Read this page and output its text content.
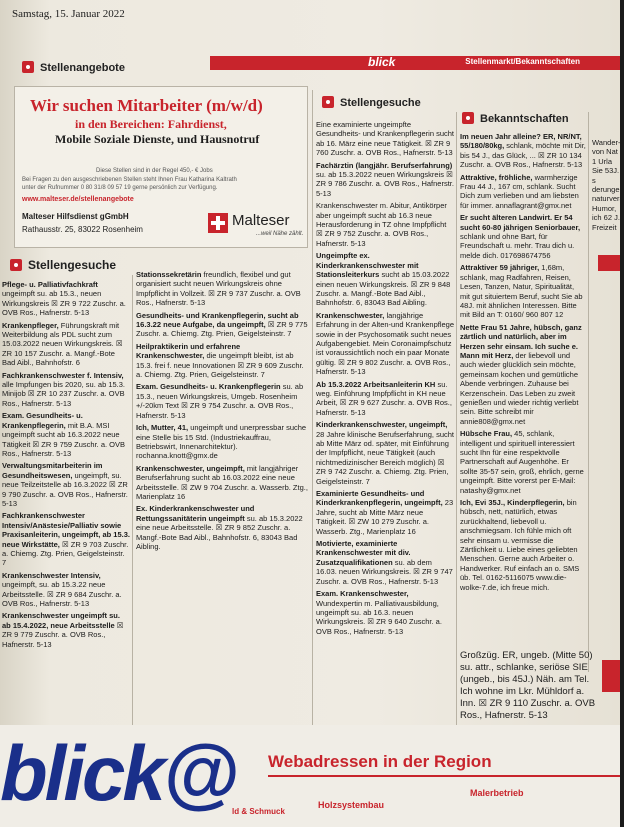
Samstag, 15. Januar 2022
Stellenmarkt/Bekanntschaften
blick
Stellenangebote
Stellengesuche
Bekanntschaften
Stellengesuche
Wir suchen Mitarbeiter (m/w/d)
in den Bereichen: Fahrdienst,
Mobile Soziale Dienste, und Hausnotruf
Diese Stellen sind in der Regel 450,- € Jobs
Bei Fragen zu den ausgeschriebenen Stellen steht Ihnen Frau Katharina Kaltrath
unter der Rufnummer 0 80 31/8 09 57 19 gerne persönlich zur Verfügung.
www.malteser.de/stellenangebote
Malteser Hilfsdienst gGmbH
Rathausstr. 25, 83022 Rosenheim
Malteser
...weil Nähe zählt.

Pflege- u. Palliativfachkraft ungeimpft su. ab 15.3., neuen Wirkungskreis ☒ ZR 9 722 Zuschr. a. OVB Ros., Hafnerstr. 5-13

Krankenpfleger, Führungskraft mit Weiterbildung als PDL sucht zum 15.03.2022 neuen Wirkungskreis. ☒ ZR 10 157 Zuschr. a. Mangf.-Bote Bad Aibl., Bahnhofstr. 6

Fachkrankenschwester f. Intensiv, alle Impfungen bis 2020, su. ab 15.3. Minijob ☒ ZR 10 237 Zuschr. a. OVB Ros., Hafnerstr. 5-13

Exam. Gesundheits- u. Krankenpflegerin, mit B.A. MSI ungeimpft sucht ab 16.3.2022 neue Tätigkeit ☒ ZR 9 759 Zuschr. a. OVB Ros., Hafnerstr. 5-13

Verwaltungsmitarbeiterin im Gesundheitswesen, ungeimpft, su. neue Teilzeitstelle ab 16.3.2022 ☒ ZR 9 790 Zuschr. a. OVB Ros., Hafnerstr. 5-13

Fachkrankenschwester Intensiv/Anästesie/Palliativ sowie Praxisanleiterin, ungeimpft, ab 15.3. neue Wirkstätte, ☒ ZR 9 703 Zuschr. a. Chiemg. Ztg. Prien, Geigelsteinstr. 7

Krankenschwester Intensiv, ungeimpft, su. ab 15.3.22 neue Arbeitsstelle. ☒ ZR 9 684 Zuschr. a. OVB Ros., Hafnerstr. 5-13

Krankenschwester ungeimpft su. ab 15.4.2022, neue Arbeitsstelle ☒ ZR 9 779 Zuschr. a. OVB Ros., Hafnerstr. 5-13

Stationssekretärin freundlich, flexibel und gut organisiert sucht neuen Wirkungskreis ohne Impfpflicht in Vollzeit. ☒ ZR 9 737 Zuschr. a. OVB Ros., Hafnerstr. 5-13

Gesundheits- und Krankenpflegerin, sucht ab 16.3.22 neue Aufgabe, da ungeimpft, ☒ ZR 9 775 Zuschr. a. Chiemg. Ztg. Prien, Geigelsteinstr. 7

Heilpraktikerin und erfahrene Krankenschwester, die ungeimpft bleibt, ist ab 15.3. frei f. neue Innovationen ☒ ZR 9 609 Zuschr. a. Chiemg. Ztg. Prien, Geigelsteinstr. 7

Exam. Gesundheits- u. Krankenpflegerin su. ab 15.3., neuen Wirkungskreis, Umgeb. Rosenheim +/-20km Text ☒ ZR 9 754 Zuschr. a. OVB Ros., Hafnerstr. 5-13

Ich, Mutter, 41, ungeimpft und unerpressbar suche eine Stelle bis 15 Std. (Industriekauffrau, Betriebswirt, Innenarchitektur). rochanna.knott@gmx.de

Krankenschwester, ungeimpft, mit langjähriger Berufserfahrung sucht ab 16.03.2022 eine neue Arbeitsstelle. ☒ ZW 9 704 Zuschr. a. Wasserb. Ztg., Marienplatz 16

Ex. Kinderkrankenschwester und Rettungssanitäterin ungeimpft su. ab 15.3.2022 eine neue Arbeitsstelle. ☒ ZR 9 852 Zuschr. a. Mangf.-Bote Bad Aibl., Bahnhofstr. 6, 83043 Bad Aibling.

Eine examinierte ungeimpfte Gesundheits- und Krankenpflegerin sucht ab 16. März eine neue Tätigkeit. ☒ ZR 9 760 Zuschr. a. OVB Ros., Hafnerstr. 5-13

Fachärztin (langjähr. Berufserfahrung) su. ab 15.3.2022 neuen Wirkungskreis ☒ ZR 9 786 Zuschr. a. OVB Ros., Hafnerstr. 5-13

Krankenschwester m. Abitur, Antikörper aber ungeimpft sucht ab 16.3 neue Herausforderung in TZ ohne Impfpflicht ☒ ZR 9 752 Zuschr. a. OVB Ros., Hafnerstr. 5-13

Ungeimpfte ex. Kinderkrankenschwester mit Stationsleiterkurs sucht ab 15.03.2022 einen neuen Wirkungskreis. ☒ ZR 9 848 Zuschr. a. Mangf.-Bote Bad Aibl., Bahnhofstr. 6, 83043 Bad Aibling.

Krankenschwester, langjährige Erfahrung in der Alten-und Krankenpflege sowie in der Psychosomatik sucht neues Aufgabengebiet. Mein Coronaimpfschutz ist voraussichtlich noch ein paar Monate gültig. ☒ ZR 9 802 Zuschr. a. OVB Ros., Hafnerstr. 5-13

Ab 15.3.2022 Arbeitsanleiterin KH su. weg. Einführung Impfpflicht in KH neue Arbeit, ☒ ZR 9 627 Zuschr. a. OVB Ros., Hafnerstr. 5-13

Kinderkrankenschwester, ungeimpft, 28 Jahre klinische Berufserfahrung, sucht ab Mitte März od. später, mit Einführung der Impfpflicht, neue Tätigkeit (auch nichtmedizinischer Bereich möglich) ☒ ZR 9 742 Zuschr. a. Chiemg. Ztg. Prien, Geigelsteinstr. 7

Examinierte Gesundheits- und Kinderkrankenpflegerin, ungeimpft, 23 Jahre, sucht ab Mitte März neue Tätigkeit. ☒ ZW 10 279 Zuschr. a. Wasserb. Ztg., Marienplatz 16

Motivierte, examinierte Krankenschwester mit div. Zusatzqualifikationen su. ab dem 16.03. neuen Wirkungskreis. ☒ ZR 9 747 Zuschr. a. OVB Ros., Hafnerstr. 5-13

Exam. Krankenschwester, Wundexpertin m. Palliativausbildung, ungeimpft su. ab 16.3. neuen Wirkungskreis. ☒ ZR 9 640 Zuschr. a. OVB Ros., Hafnerstr. 5-13

Im neuen Jahr alleine? ER, NR/NT, 55/180/80kg, schlank, möchte mit Dir, bis 54 J., das Glück, ... ☒ ZR 10 134 Zuschr. a. OVB Ros., Hafnerstr. 5-13

Attraktive, fröhliche, warmherzige Frau 44 J., 167 cm, schlank. Sucht Dich zum verlieben und am liebsten für immer. annaflagrant@gmx.net

Er sucht älteren Landwirt. Er 54 sucht 60-80 jährigen Seniorbauer, schlank und ohne Bart, für Freundschaft u. mehr. Trau dich u. melde dich. 017698674756

Attraktiver 59 jähriger, 1,68m, schlank, mag Radfahren, Reisen, Lesen, Tanzen, Natur, Spiritualität, mit gut situiertem Beruf, sucht Sie ab 48J. mit ähnlichen Interessen. Bitte mit Bild an T: 0160/ 960 807 12

Nette Frau 51 Jahre, hübsch, ganz zärtlich und natürlich, aber im Herzen sehr einsam. Ich suche e. Mann mit Herz, der liebevoll und auch wieder glücklich sein möchte, gemeinsam kochen und gemütliche Abende verbringen. Zuhause bei Kerzenschein. Das Leben zu zweit genießen und wieder richtig verliebt sein. Bitte schreibt mir annie808@gmx.net

Hübsche Frau, 45, schlank, intelligent und spirituell interessiert sucht Ihn für eine respektvolle Partnerschaft auf Augenhöhe. Er sollte 35-57 sein, groß, ehrlich, gerne ungeimpft. Bitte vorerst per E-Mail: natashy@gmx.net

Ich, Evi 35J., Kinderpflegerin, bin hübsch, nett, natürlich, etwas zurückhaltend, liebevoll u. anschmiegsam. Ich fühle mich oft sehr einsam u. vermisse die Zärtlichkeit u. Liebe eines geliebten Menschen. Gerne auch Arbeiter o. Handwerker. Ruf einfach an o. SMS üb. Tel. 0162-5116075 www.die-wolke-7.de, ich freue mich.

Großzüg. ER, ungeb. (Mitte 50) su. attr., schlanke, seriöse SIE (ungeb., bis 45J.) Näh. am Tel. Ich wohne im Lkr. Mühldorf a. Inn. ☒ ZR 9 110 Zuschr. a. OVB Ros., Hafnerstr. 5-13
Wander-
von Nat
1 Urla
Sie 53J. s
derungen
naturvera
Humor,
ich 62 J.
Freizeit
blick@ Webadressen in der Region
Malerbetrieb
Holzsystembau
ld & Schmuck
